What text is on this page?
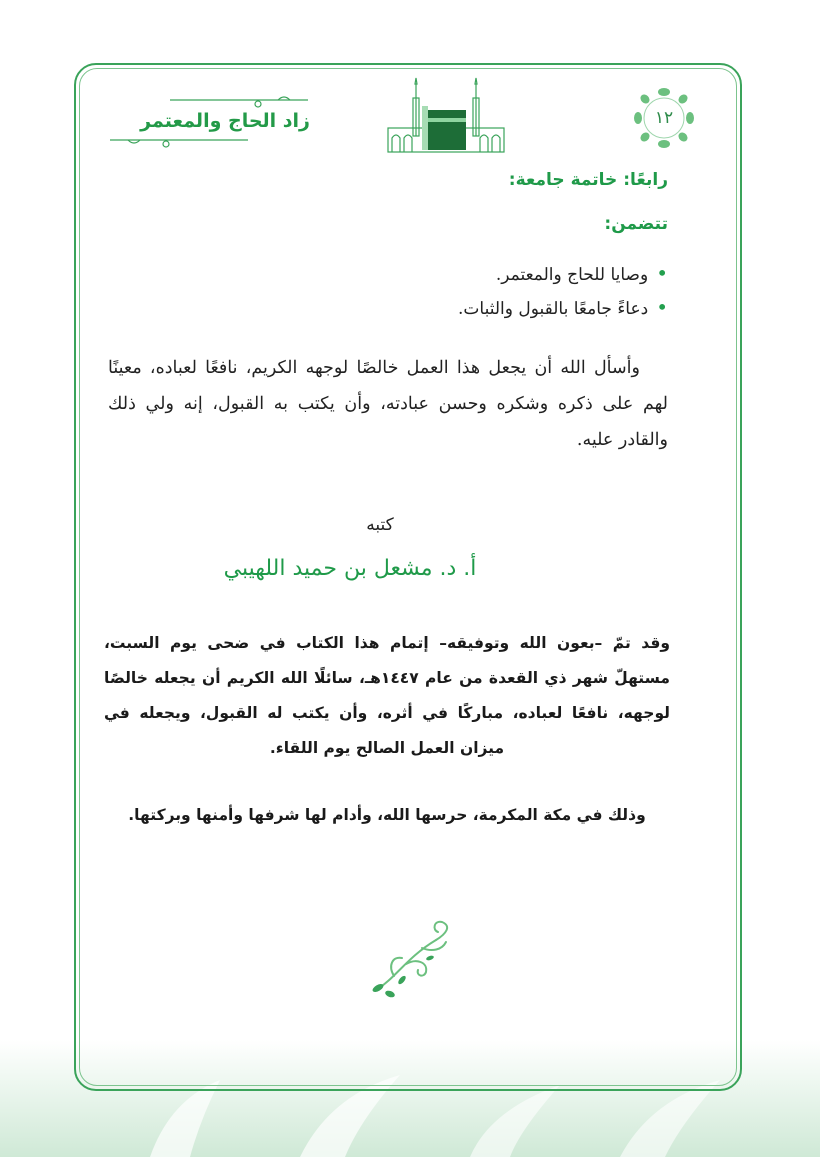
١٢
زاد الحاج والمعتمر
رابعًا: خاتمة جامعة:
تتضمن:
•وصايا للحاج والمعتمر.
•دعاءً جامعًا بالقبول والثبات.
وأسأل الله أن يجعل هذا العمل خالصًا لوجهه الكريم، نافعًا لعباده، معينًا لهم على ذكره وشكره وحسن عبادته، وأن يكتب به القبول، إنه ولي ذلك والقادر عليه.
كتبه
أ. د. مشعل بن حميد اللهيبي
وقد تمّ –بعون الله وتوفيقه– إتمام هذا الكتاب في ضحى يوم السبت، مستهلّ شهر ذي القعدة من عام ١٤٤٧هـ، سائلًا الله الكريم أن يجعله خالصًا لوجهه، نافعًا لعباده، مباركًا في أثره، وأن يكتب له القبول، ويجعله في ميزان العمل الصالح يوم اللقاء.
وذلك في مكة المكرمة، حرسها الله، وأدام لها شرفها وأمنها وبركتها.
